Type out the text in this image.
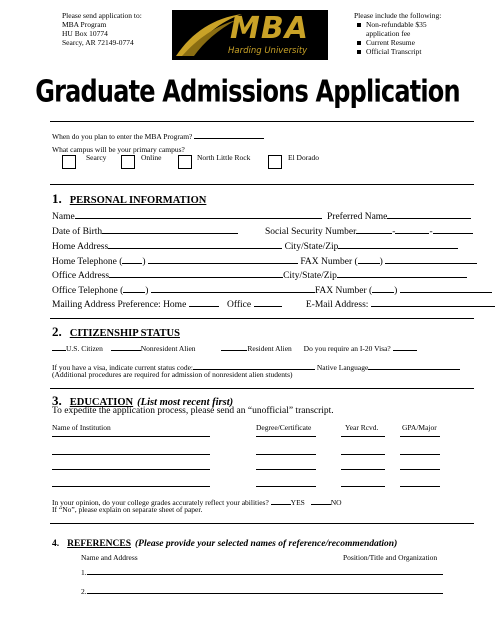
Please send application to:
MBA Program
HU Box 10774
Searcy, AR 72149-0774	MBA
Harding University
Please include the following:
Non-refundable $35 application fee
Current Resume
Official Transcript
Graduate Admissions Application
When do you plan to enter the MBA Program?
What campus will be your primary campus?
Searcy	Online	North Little Rock	El Dorado
1. PERSONAL INFORMATION
Name	Preferred Name
Date of Birth	Social Security Number	-	-
Home Address	City/State/Zip
Home Telephone ( )	FAX Number ( )
Office Address	City/State/Zip
Office Telephone ( )	FAX Number ( )
Mailing Address Preference: Home	Office	E-Mail Address:
2. CITIZENSHIP STATUS
U.S. Citizen	Nonresident Alien	Resident Alien Do you require an I-20 Visa?
If you have a visa, indicate current status code:	Native Language
(Additional procedures are required for admission of nonresident alien students)
3. EDUCATION (List most recent first)
To expedite the application process, please send an “unofficial” transcript.
Name of Institution	Degree/Certificate	Year Rcvd.	GPA/Major
In your opinion, do your college grades accurately reflect your abilities?	YES	NO
If “No”, please explain on separate sheet of paper.
4. REFERENCES (Please provide your selected names of reference/recommendation)
Name and Address	Position/Title and Organization
1.
2.
